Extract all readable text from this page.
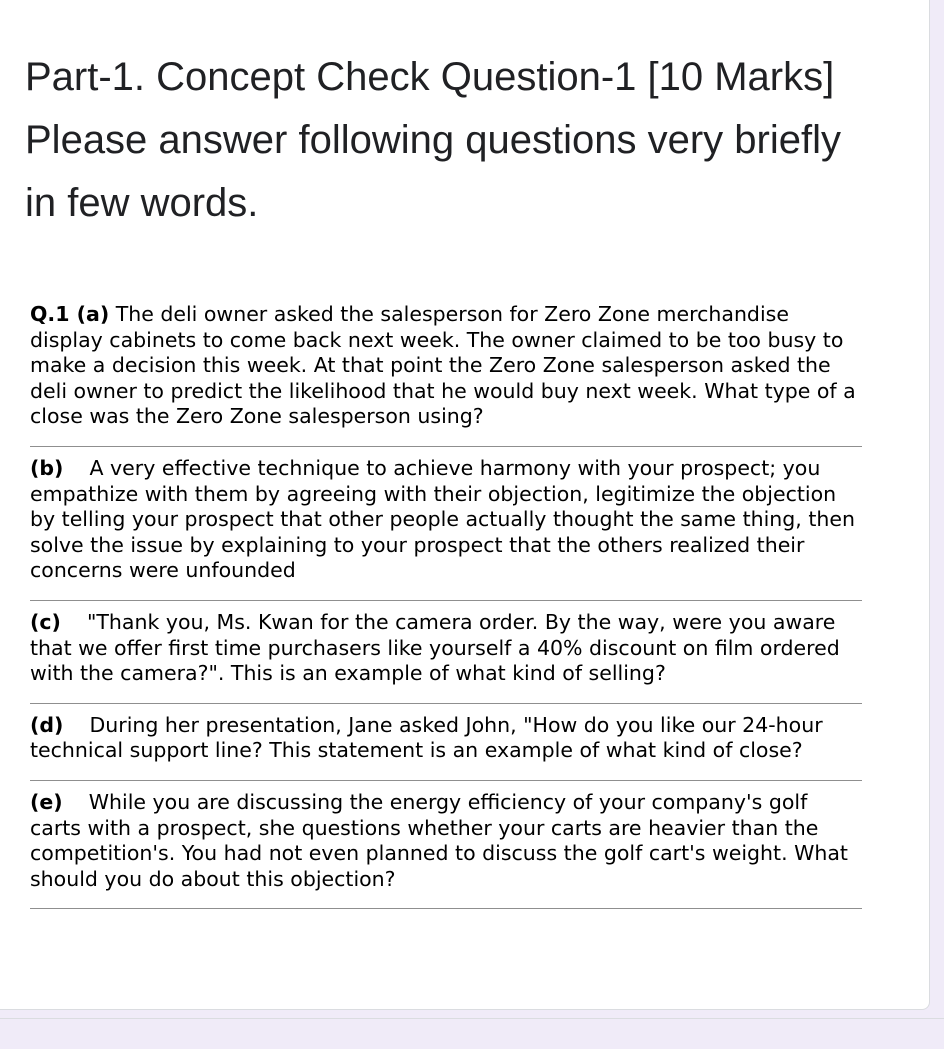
Part-1. Concept Check Question-1 [10 Marks] Please answer following questions very briefly in few words.

Q.1 (a) The deli owner asked the salesperson for Zero Zone merchandise display cabinets to come back next week. The owner claimed to be too busy to make a decision this week. At that point the Zero Zone salesperson asked the deli owner to predict the likelihood that he would buy next week. What type of a close was the Zero Zone salesperson using?

(b) A very effective technique to achieve harmony with your prospect; you empathize with them by agreeing with their objection, legitimize the objection by telling your prospect that other people actually thought the same thing, then solve the issue by explaining to your prospect that the others realized their concerns were unfounded

(c) "Thank you, Ms. Kwan for the camera order. By the way, were you aware that we offer first time purchasers like yourself a 40% discount on film ordered with the camera?". This is an example of what kind of selling?

(d) During her presentation, Jane asked John, "How do you like our 24-hour technical support line? This statement is an example of what kind of close?

(e) While you are discussing the energy efficiency of your company's golf carts with a prospect, she questions whether your carts are heavier than the competition's. You had not even planned to discuss the golf cart's weight. What should you do about this objection?
